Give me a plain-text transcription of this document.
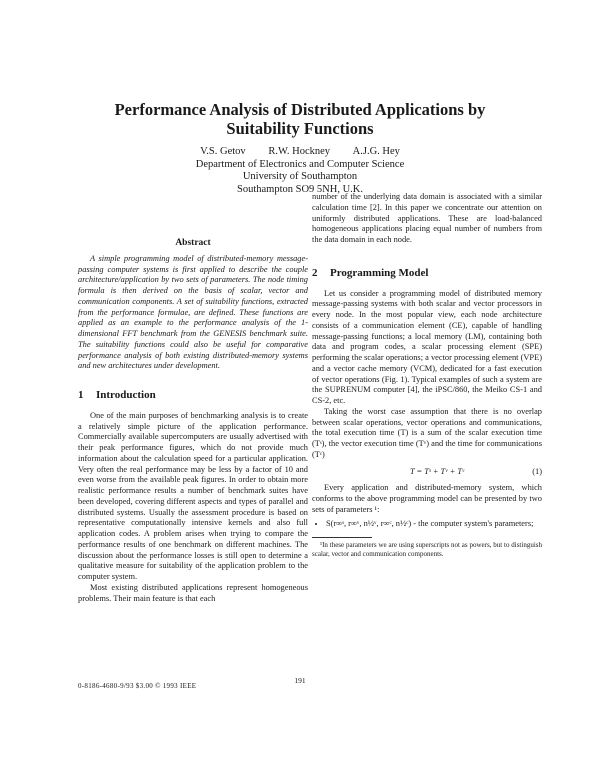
Performance Analysis of Distributed Applications by
Suitability Functions
V.S. Getov R.W. Hockney A.J.G. Hey
Department of Electronics and Computer Science
University of Southampton
Southampton SO9 5NH, U.K.
Abstract

A simple programming model of distributed-memory message-passing computer systems is first applied to describe the couple architecture/application by two sets of parameters. The node timing formula is then derived on the basis of scalar, vector and communication components. A set of suitability functions, extracted from the performance formulae, are defined. These functions are applied as an example to the performance analysis of the 1-dimensional FFT benchmark from the GENESIS benchmark suite. The suitability functions could also be useful for comparative performance analysis of both existing distributed-memory systems and new architectures under development.

1 Introduction

One of the main purposes of benchmarking analysis is to create a relatively simple picture of the application performance. Commercially available supercomputers are usually advertised with their peak performance figures, which do not provide much information about the calculation speed for a particular application. Very often the real performance may be less by a factor of 10 and even worse from the available peak figures. In order to obtain more realistic performance results a number of benchmark suites have been developed, covering different aspects and types of parallel and distributed systems. Usually the assessment procedure is based on representative computationally intensive kernels and also full application codes. A problem arises when trying to compare the performance results of one benchmark on different machines. The discussion about the performance losses is still open to determine a qualitative measure for suitability of the application problem to the computer system.

Most existing distributed applications represent homogeneous problems. Their main feature is that each

number of the underlying data domain is associated with a similar calculation time [2]. In this paper we concentrate our attention on uniformly distributed applications. These are load-balanced homogeneous applications placing equal number of numbers from the data domain in each node.

2 Programming Model

Let us consider a programming model of distributed memory message-passing systems with both scalar and vector processors in every node. In the most popular view, each node architecture consists of a communication element (CE), capable of handling message-passing functions; a local memory (LM), containing both data and program codes, a scalar processing element (SPE) performing the scalar operations; a vector processing element (VPE) and a vector cache memory (VCM), dedicated for a fast execution of vector operations (Fig. 1). Typical examples of such a system are the SUPRENUM computer [4], the iPSC/860, the Meiko CS-1 and CS-2, etc.

Taking the worst case assumption that there is no overlap between scalar operations, vector operations and communications, the total execution time (T) is a sum of the scalar execution time (Tˢ), the vector execution time (Tᵛ) and the time for communications (Tᶜ)

T = Tˢ + Tᵛ + Tᶜ	(1)

Every application and distributed-memory system, which conforms to the above programming model can be presented by two sets of parameters ¹:

• S(r∞ˢ, r∞ᵛ, n½ᵛ, r∞ᶜ, n½ᶜ) - the computer system's parameters;

¹In these parameters we are using superscripts not as powers, but to distinguish scalar, vector and communication components.

191
0-8186-4680-9/93 $3.00 © 1993 IEEE
